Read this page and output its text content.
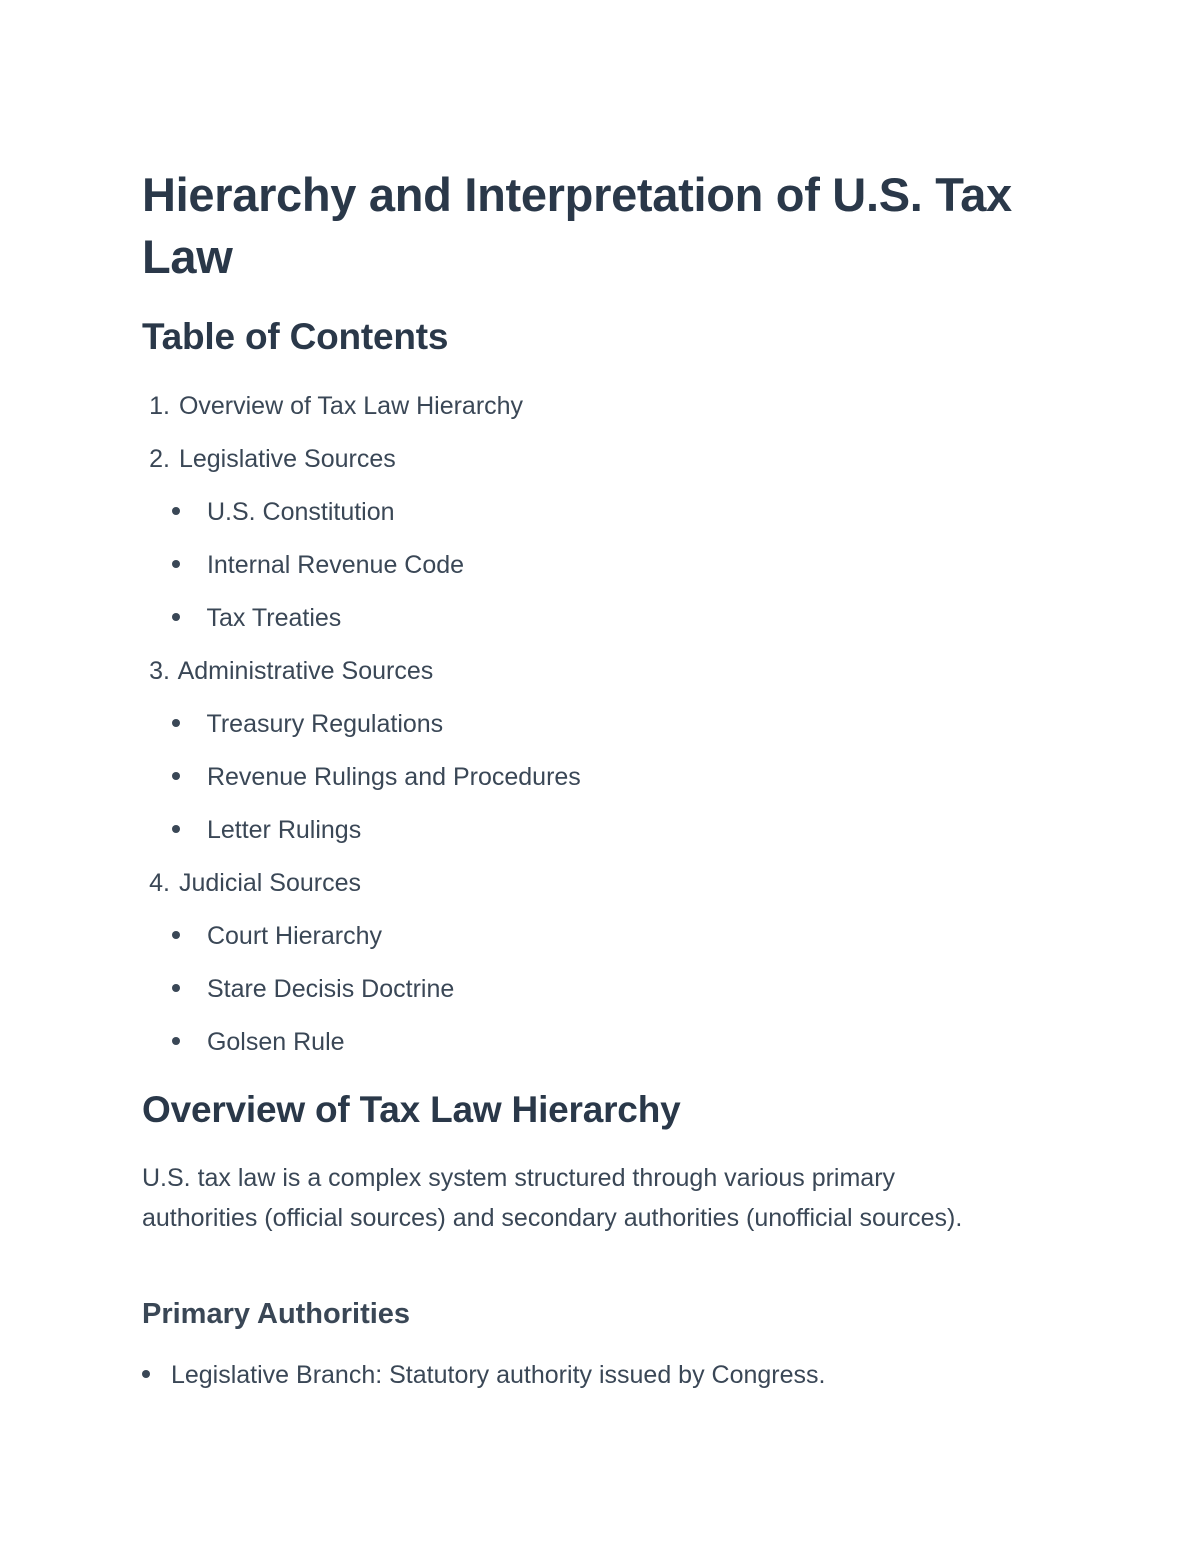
Hierarchy and Interpretation of U.S. Tax Law
Table of Contents
1. Overview of Tax Law Hierarchy
2. Legislative Sources
U.S. Constitution
Internal Revenue Code
Tax Treaties
3. Administrative Sources
Treasury Regulations
Revenue Rulings and Procedures
Letter Rulings
4. Judicial Sources
Court Hierarchy
Stare Decisis Doctrine
Golsen Rule
Overview of Tax Law Hierarchy

U.S. tax law is a complex system structured through various primary authorities (official sources) and secondary authorities (unofficial sources).

Primary Authorities
Legislative Branch: Statutory authority issued by Congress.
